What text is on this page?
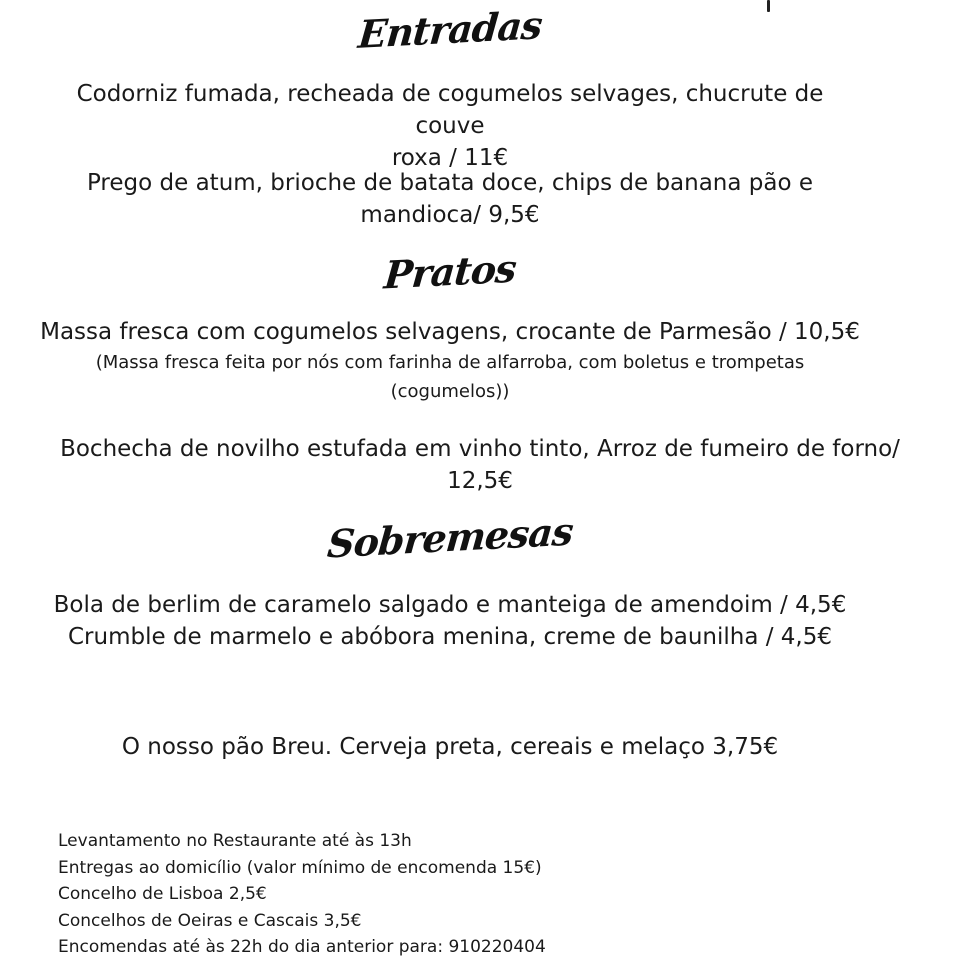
Entradas
Codorniz fumada, recheada de cogumelos selvages, chucrute de couve
roxa / 11€
Prego de atum, brioche de batata doce, chips de banana pão e
mandioca/ 9,5€
Pratos
Massa fresca com cogumelos selvagens, crocante de Parmesão / 10,5€
(Massa fresca feita por nós com farinha de alfarroba, com boletus e trompetas
(cogumelos))
Bochecha de novilho estufada em vinho tinto, Arroz de fumeiro de forno/
12,5€
Sobremesas
Bola de berlim de caramelo salgado e manteiga de amendoim / 4,5€
Crumble de marmelo e abóbora menina, creme de baunilha / 4,5€
O nosso pão Breu. Cerveja preta, cereais e melaço 3,75€
Levantamento no Restaurante até às 13h
Entregas ao domicílio (valor mínimo de encomenda 15€)
Concelho de Lisboa 2,5€
Concelhos de Oeiras e Cascais 3,5€
Encomendas até às 22h do dia anterior para: 910220404
